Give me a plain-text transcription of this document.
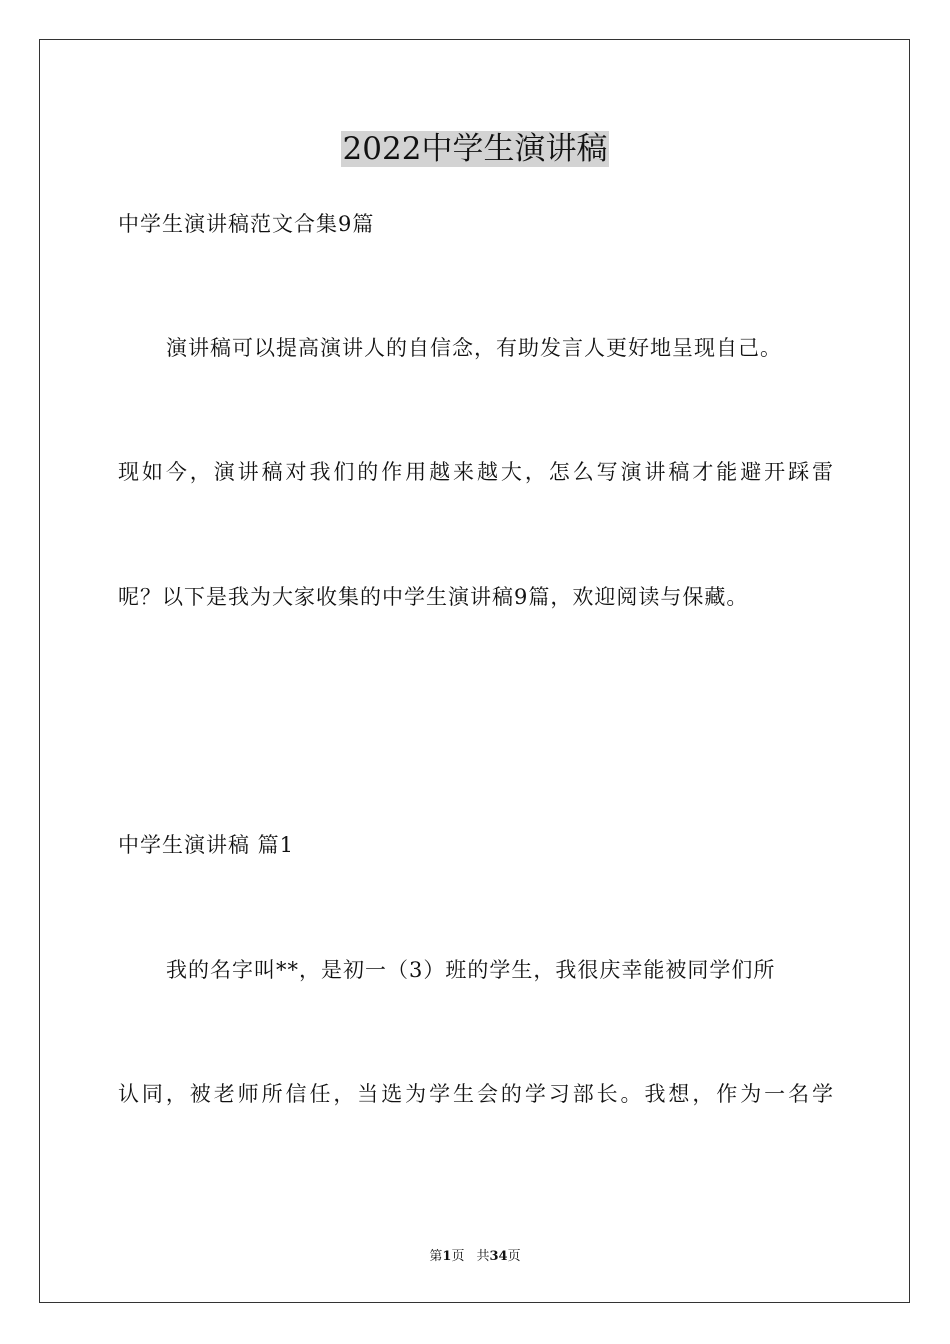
2022中学生演讲稿

中学生演讲稿范文合集9篇

演讲稿可以提高演讲人的自信念，有助发言人更好地呈现自己。

现如今，演讲稿对我们的作用越来越大，怎么写演讲稿才能避开踩雷

呢？以下是我为大家收集的中学生演讲稿9篇，欢迎阅读与保藏。

中学生演讲稿 篇1

我的名字叫**，是初一（3）班的学生，我很庆幸能被同学们所

认同，被老师所信任，当选为学生会的学习部长。我想，作为一名学

第1页 共34页
